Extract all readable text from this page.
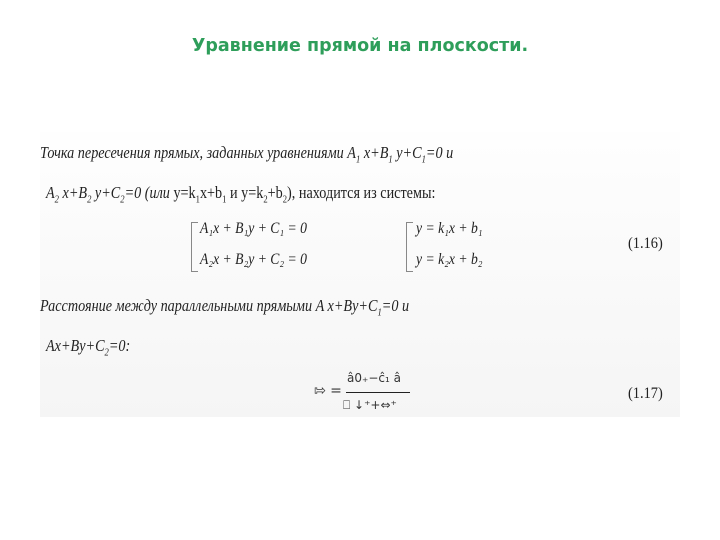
Уравнение прямой на плоскости.
Точка пересечения прямых, заданных уравнениями $A_1$ $x+B_1$ $y+C_1=0$ и
$A_2$ $x+B_2$ $y+C_2=0$ (или $y=k_1x+b_1$ и $y=k_2+b_2$), находится из системы:
A₁x + B₁y + C₁ = 0
A₂x + B₂y + C₂ = 0
y = k₁x + b₁
y = k₂x + b₂
(1.16)
Расстояние между параллельными прямыми A $x+By+C_1=0$ и
$Ax+By+C_2=0$:
⇰ =
â0₊−ĉ₁ â
⎕ ↓⁺+⇔⁺
(1.17)
